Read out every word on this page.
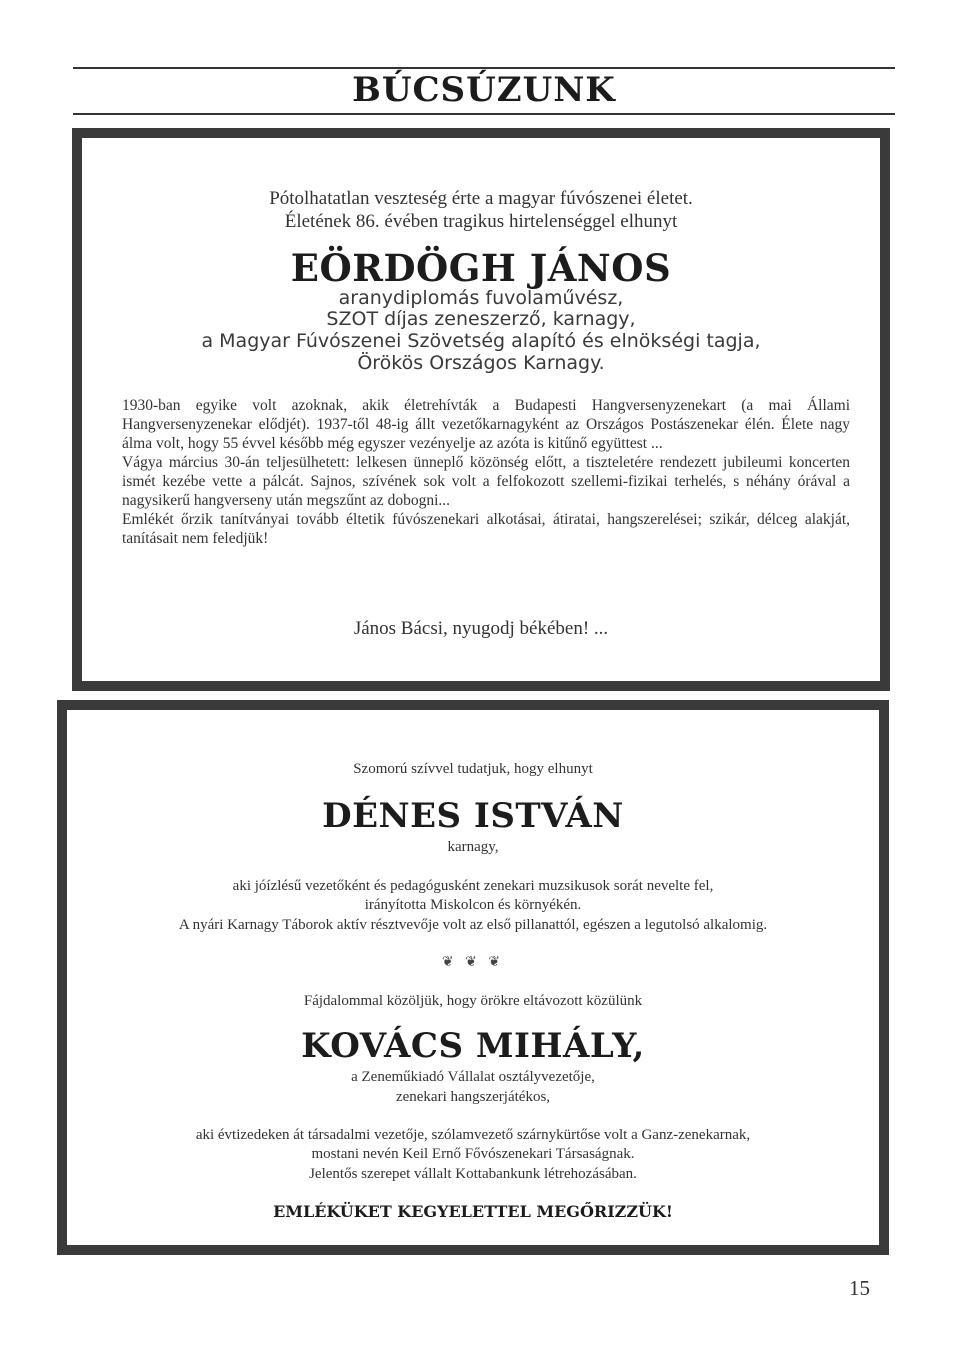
BÚCSÚZUNK
Pótolhatatlan veszteség érte a magyar fúvószenei életet.
Életének 86. évében tragikus hirtelenséggel elhunyt
EÖRDÖGH JÁNOS
aranydiplomás fuvolaművész,
SZOT díjas zeneszerző, karnagy,
a Magyar Fúvószenei Szövetség alapító és elnökségi tagja,
Örökös Országos Karnagy.

1930-ban egyike volt azoknak, akik életrehívták a Budapesti Hangversenyzenekart (a mai Állami Hangversenyzenekar elődjét). 1937-től 48-ig állt vezetőkarnagyként az Országos Postászenekar élén. Élete nagy álma volt, hogy 55 évvel később még egyszer vezényelje az azóta is kitűnő együttest ...

Vágya március 30-án teljesülhetett: lelkesen ünneplő közönség előtt, a tiszteletére rendezett jubileumi koncerten ismét kezébe vette a pálcát. Sajnos, szívének sok volt a felfokozott szellemi-fizikai terhelés, s néhány órával a nagysikerű hangverseny után megszűnt az dobogni...

Emlékét őrzik tanítványai tovább éltetik fúvószenekari alkotásai, átiratai, hangszerelései; szikár, délceg alakját, tanításait nem feledjük!

János Bácsi, nyugodj békében! ...
Szomorú szívvel tudatjuk, hogy elhunyt
DÉNES ISTVÁN
karnagy,
aki jóízlésű vezetőként és pedagógusként zenekari muzsikusok sorát nevelte fel,
irányította Miskolcon és környékén.
A nyári Karnagy Táborok aktív résztvevője volt az első pillanattól, egészen a legutolsó alkalomig.
❦ ❦ ❦
Fájdalommal közöljük, hogy örökre eltávozott közülünk
KOVÁCS MIHÁLY,
a Zeneműkiadó Vállalat osztályvezetője,
zenekari hangszerjátékos,
aki évtizedeken át társadalmi vezetője, szólamvezető szárnykürtőse volt a Ganz-zenekarnak,
mostani nevén Keil Ernő Fővószenekari Társaságnak.
Jelentős szerepet vállalt Kottabankunk létrehozásában.
EMLÉKÜKET KEGYELETTEL MEGŐRIZZÜK!
15
